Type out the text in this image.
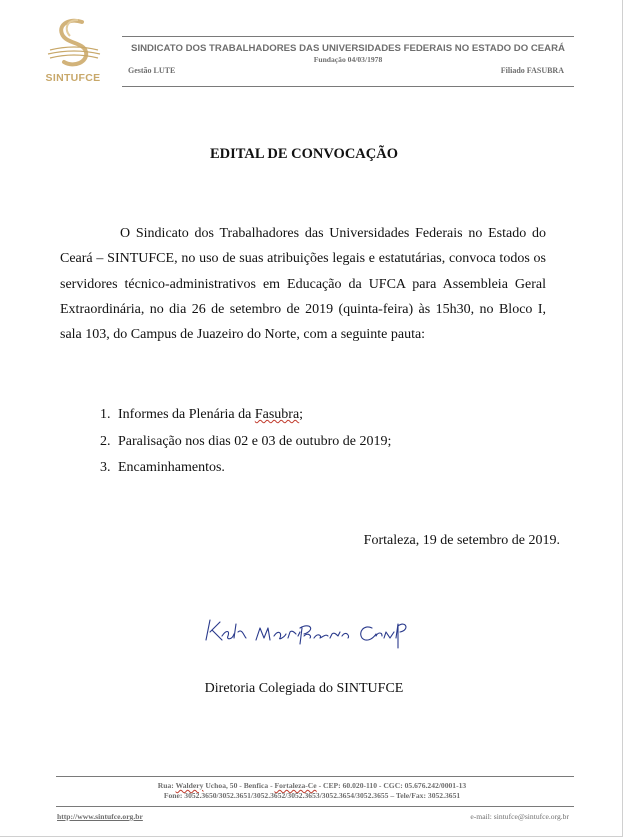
SINTUFCE
SINDICATO DOS TRABALHADORES DAS UNIVERSIDADES FEDERAIS NO ESTADO DO CEARÁ
Fundação 04/03/1978
Gestão LUTE	Filiado FASUBRA
EDITAL DE CONVOCAÇÃO
O Sindicato dos Trabalhadores das Universidades Federais no Estado do Ceará – SINTUFCE, no uso de suas atribuições legais e estatutárias, convoca todos os servidores técnico-administrativos em Educação da UFCA para Assembleia Geral Extraordinária, no dia 26 de setembro de 2019 (quinta-feira) às 15h30, no Bloco I, sala 103, do Campus de Juazeiro do Norte, com a seguinte pauta:
1. Informes da Plenária da Fasubra;
2. Paralisação nos dias 02 e 03 de outubro de 2019;
3. Encaminhamentos.
Fortaleza, 19 de setembro de 2019.
Diretoria Colegiada do SINTUFCE
Rua: Waldery Uchoa, 50 - Benfica - Fortaleza-Ce - CEP: 60.020-110 - CGC: 05.676.242/0001-13
Fone: 3052.3650/3052.3651/3052.3652/3052.3653/3052.3654/3052.3655 – Tele/Fax: 3052.3651
http://www.sintufce.org.br	e-mail: sintufce@sintufce.org.br
